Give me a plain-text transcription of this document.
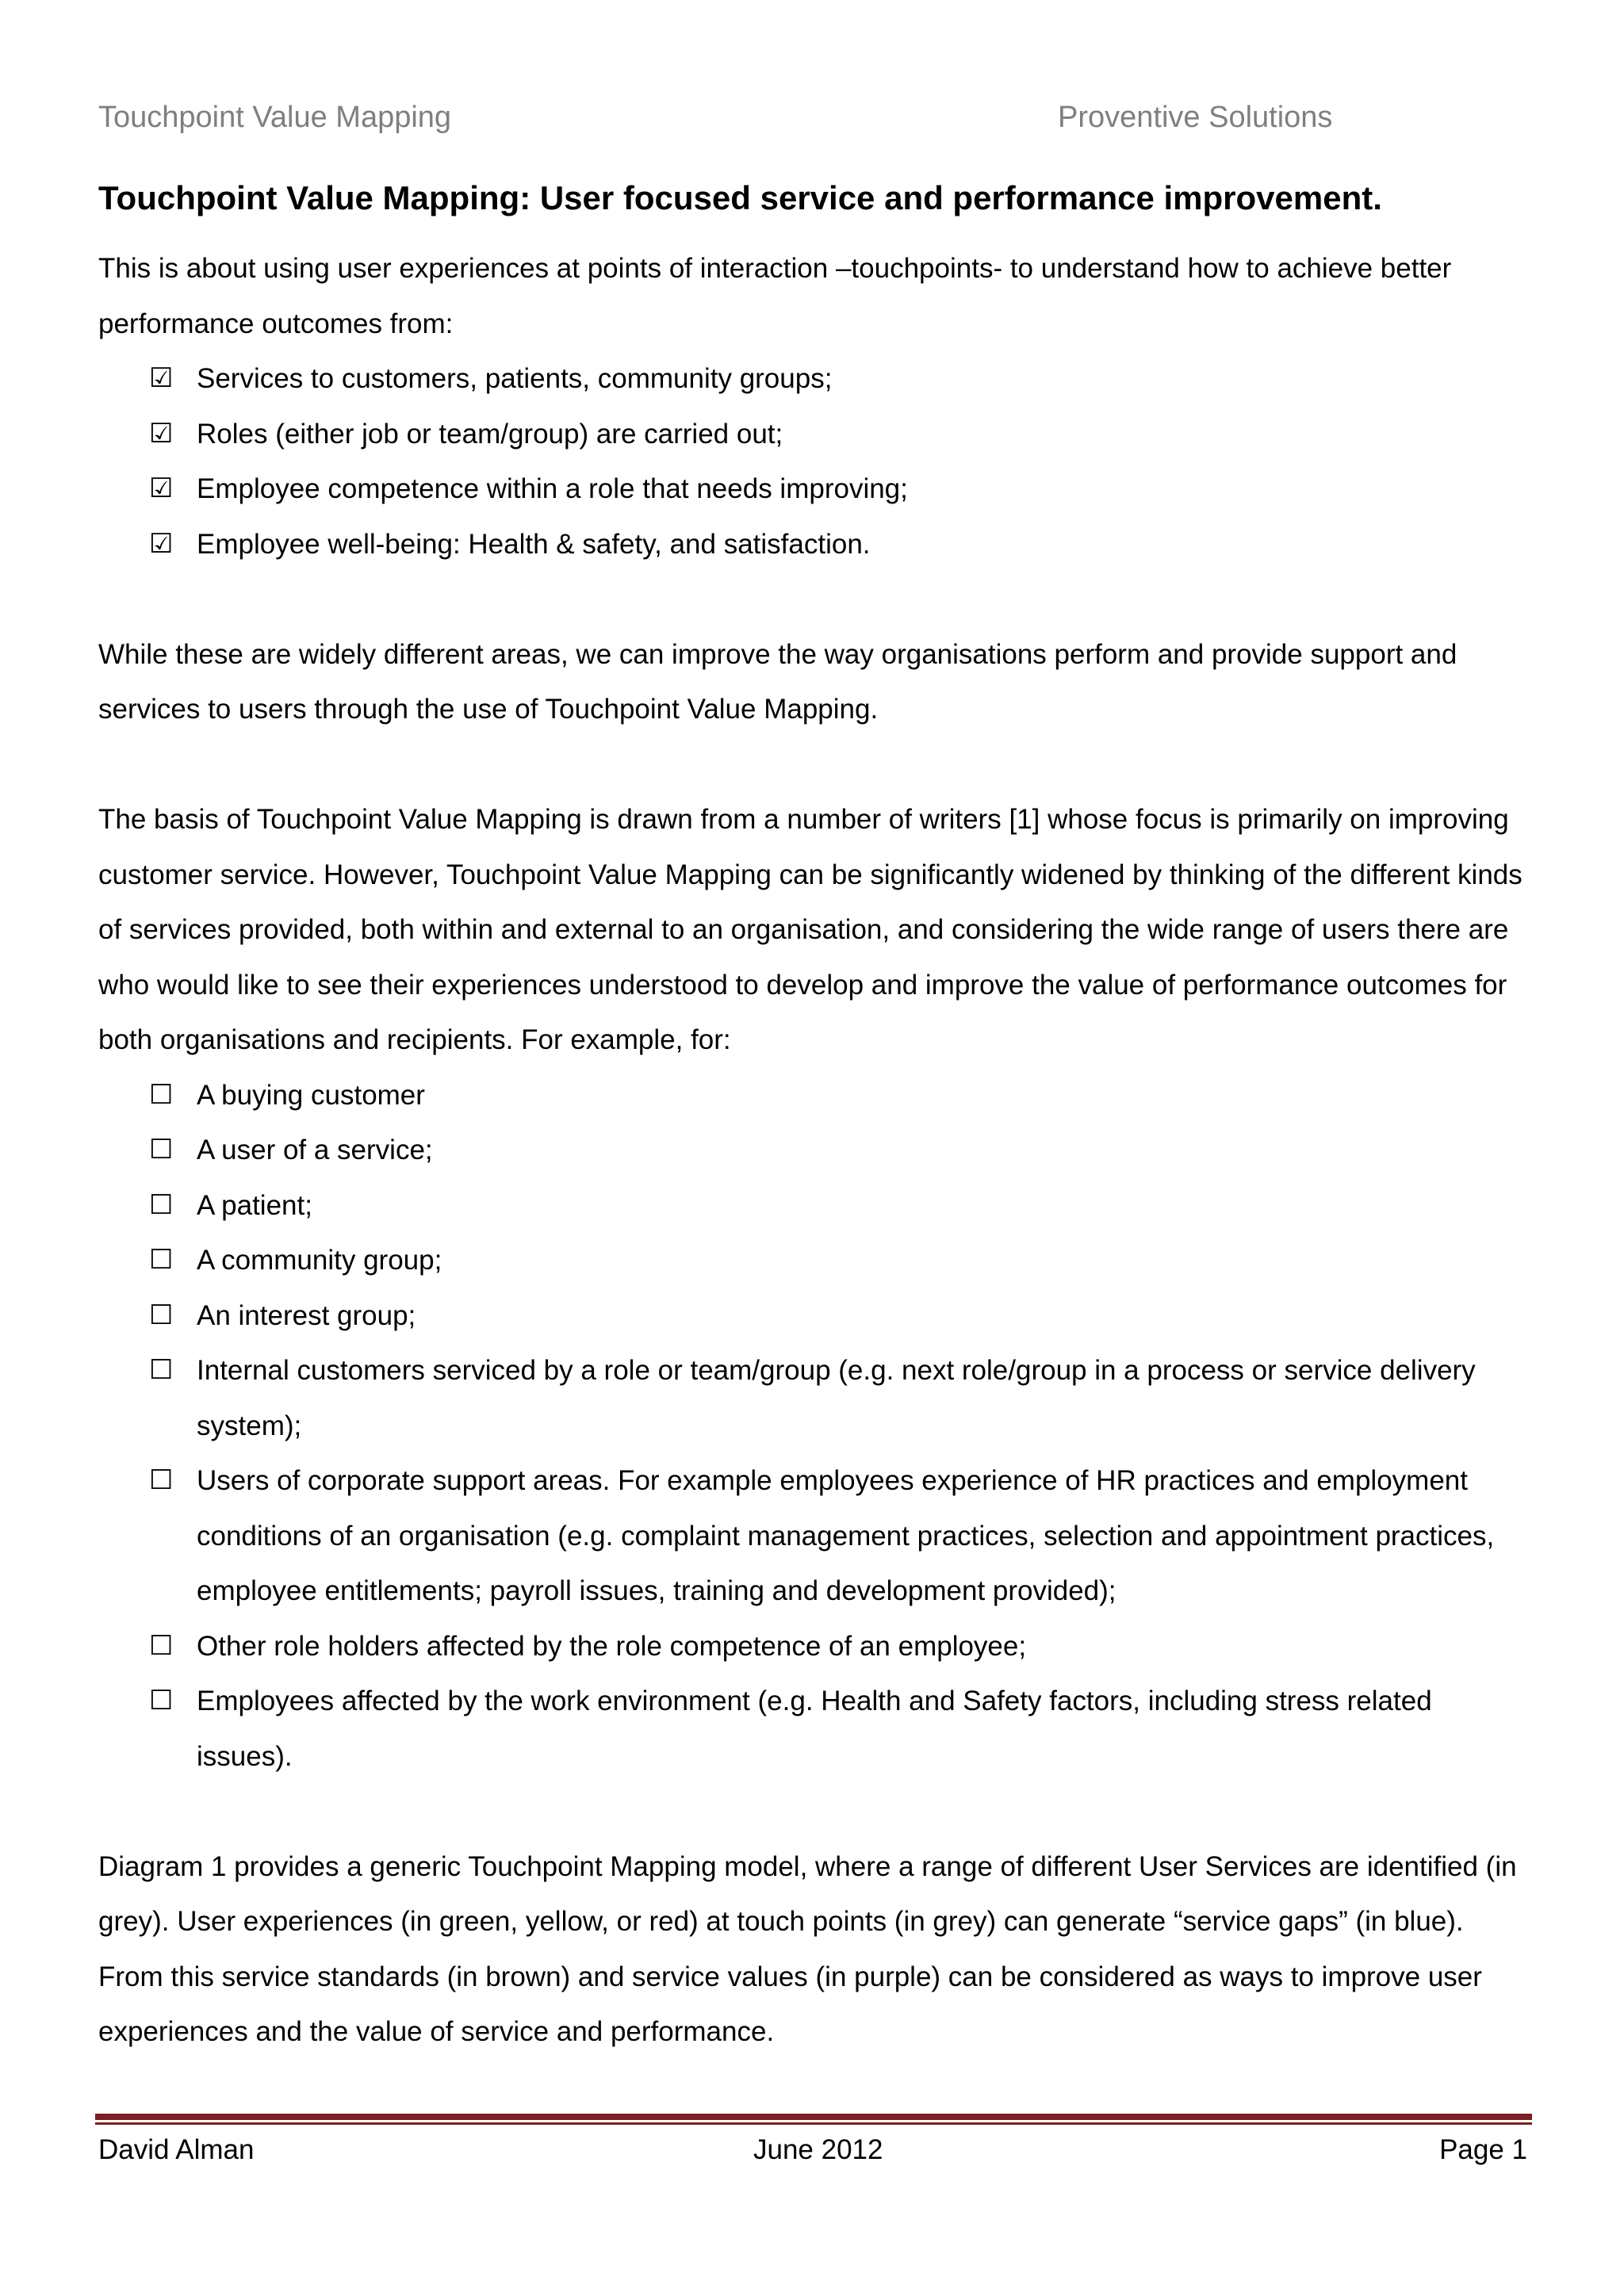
Touchpoint Value Mapping	Proventive Solutions
Touchpoint Value Mapping: User focused service and performance improvement.

This is about using user experiences at points of interaction –touchpoints- to understand how to achieve better performance outcomes from:

☑ Services to customers, patients, community groups;
☑ Roles (either job or team/group) are carried out;
☑ Employee competence within a role that needs improving;
☑ Employee well-being: Health & safety, and satisfaction.

While these are widely different areas, we can improve the way organisations perform and provide support and services to users through the use of Touchpoint Value Mapping.

The basis of Touchpoint Value Mapping is drawn from a number of writers [1] whose focus is primarily on improving customer service. However, Touchpoint Value Mapping can be significantly widened by thinking of the different kinds of services provided, both within and external to an organisation, and considering the wide range of users there are who would like to see their experiences understood to develop and improve the value of performance outcomes for both organisations and recipients. For example, for:

☐ A buying customer
☐ A user of a service;
☐ A patient;
☐ A community group;
☐ An interest group;
☐ Internal customers serviced by a role or team/group (e.g. next role/group in a process or service delivery system);
☐ Users of corporate support areas. For example employees experience of HR practices and employment conditions of an organisation (e.g. complaint management practices, selection and appointment practices, employee entitlements; payroll issues, training and development provided);
☐ Other role holders affected by the role competence of an employee;
☐ Employees affected by the work environment (e.g. Health and Safety factors, including stress related issues).

Diagram 1 provides a generic Touchpoint Mapping model, where a range of different User Services are identified (in grey). User experiences (in green, yellow, or red) at touch points (in grey) can generate “service gaps” (in blue). From this service standards (in brown) and service values (in purple) can be considered as ways to improve user experiences and the value of service and performance.

David Alman	June 2012	Page 1
